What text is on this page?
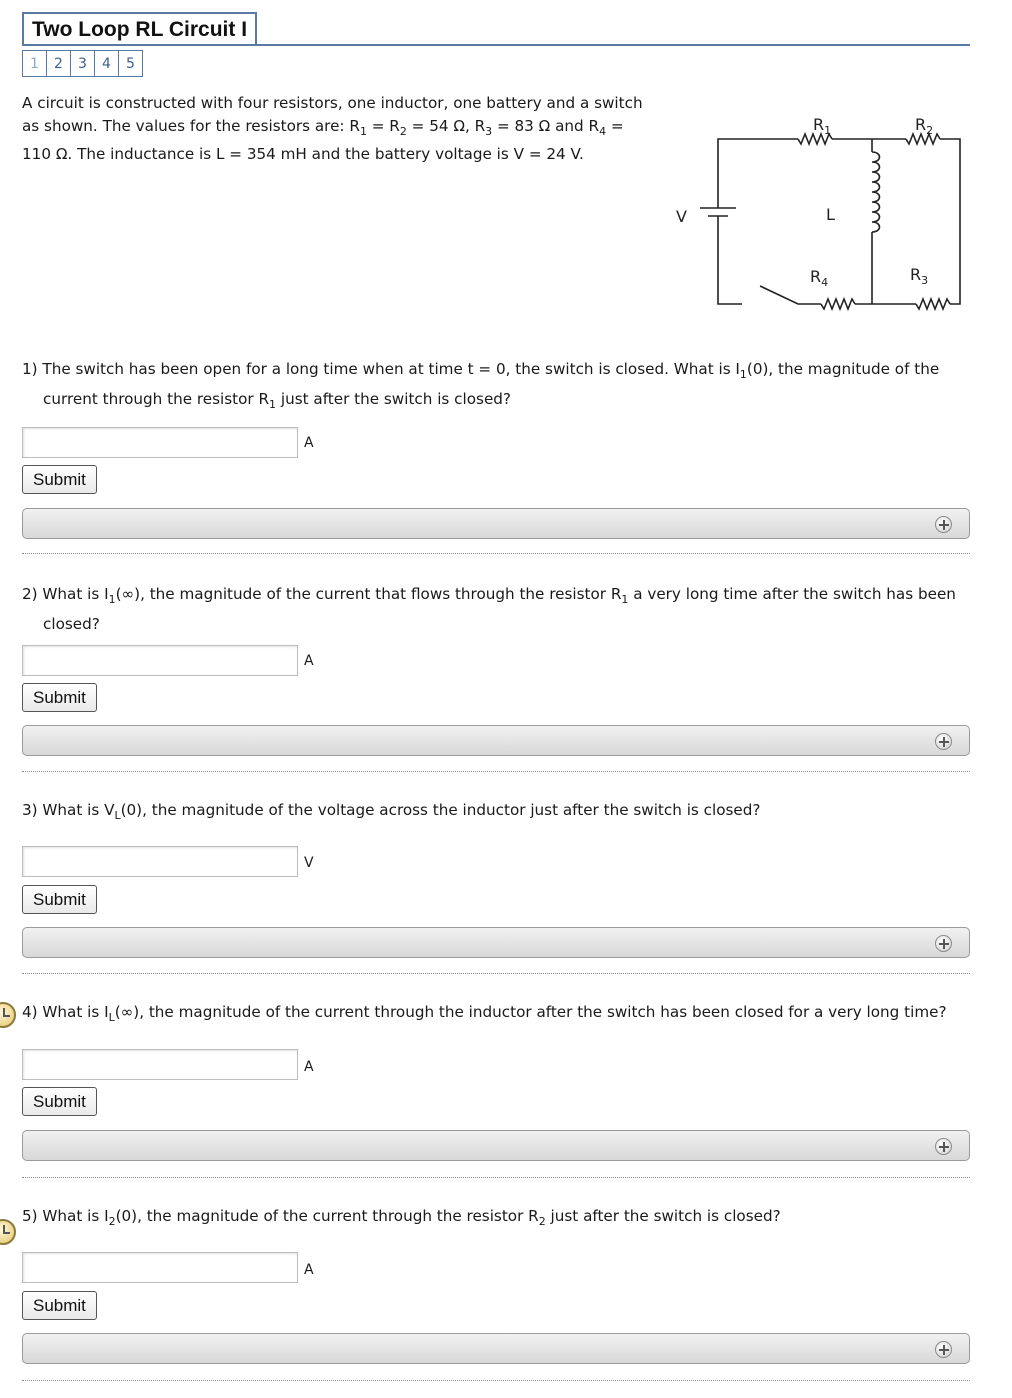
Two Loop RL Circuit I
1	2	3	4	5

A circuit is constructed with four resistors, one inductor, one battery and a switch as shown. The values for the resistors are: $R_1 = R_2 = 54$ Ω, $R_3 = 83$ Ω and $R_4 = 110$ Ω. The inductance is L = 354 mH and the battery voltage is V = 24 V.

$R_1$	$R_2$
$R_3$
$R_4$
L
V
1) The switch has been open for a long time when at time t = 0, the switch is closed. What is $I_1(0)$, the magnitude of the current through the resistor $R_1$ just after the switch is closed?
A
Submit
2) What is $I_1(\infty)$, the magnitude of the current that flows through the resistor $R_1$ a very long time after the switch has been closed?
A
Submit
3) What is $V_L(0)$, the magnitude of the voltage across the inductor just after the switch is closed?
V
Submit
4) What is $I_L(\infty)$, the magnitude of the current through the inductor after the switch has been closed for a very long time?
A
Submit
5) What is $I_2(0)$, the magnitude of the current through the resistor $R_2$ just after the switch is closed?
A
Submit
